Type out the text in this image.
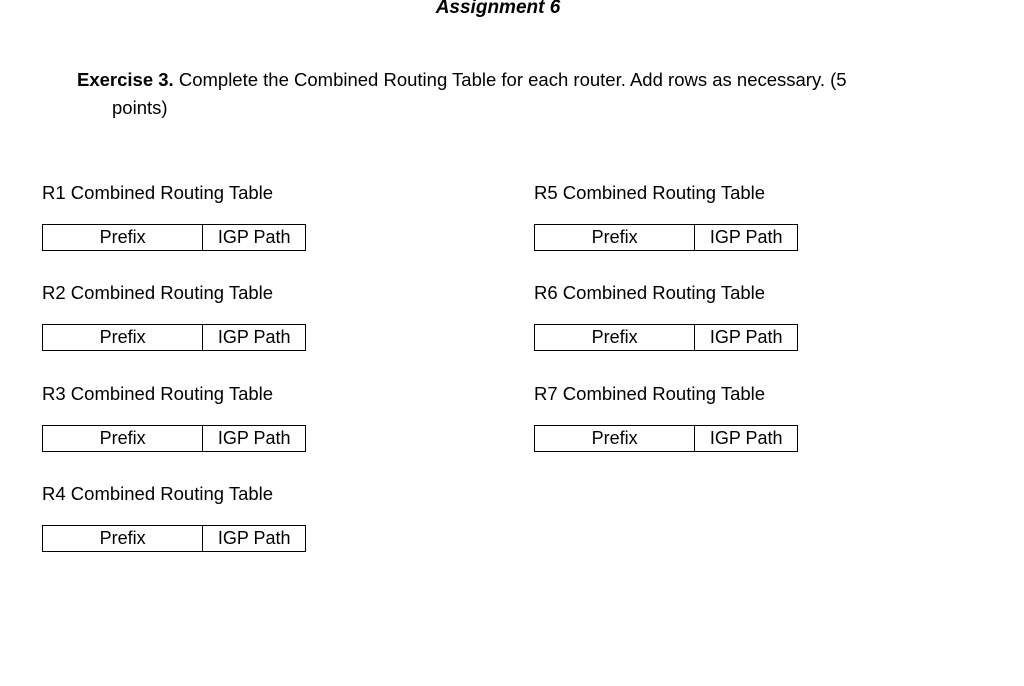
Assignment 6
Exercise 3. Complete the Combined Routing Table for each router. Add rows as necessary. (5
points)
R1 Combined Routing Table
Prefix	IGP Path
R2 Combined Routing Table
Prefix	IGP Path
R3 Combined Routing Table
Prefix	IGP Path
R4 Combined Routing Table
Prefix	IGP Path
R5 Combined Routing Table
Prefix	IGP Path
R6 Combined Routing Table
Prefix	IGP Path
R7 Combined Routing Table
Prefix	IGP Path
